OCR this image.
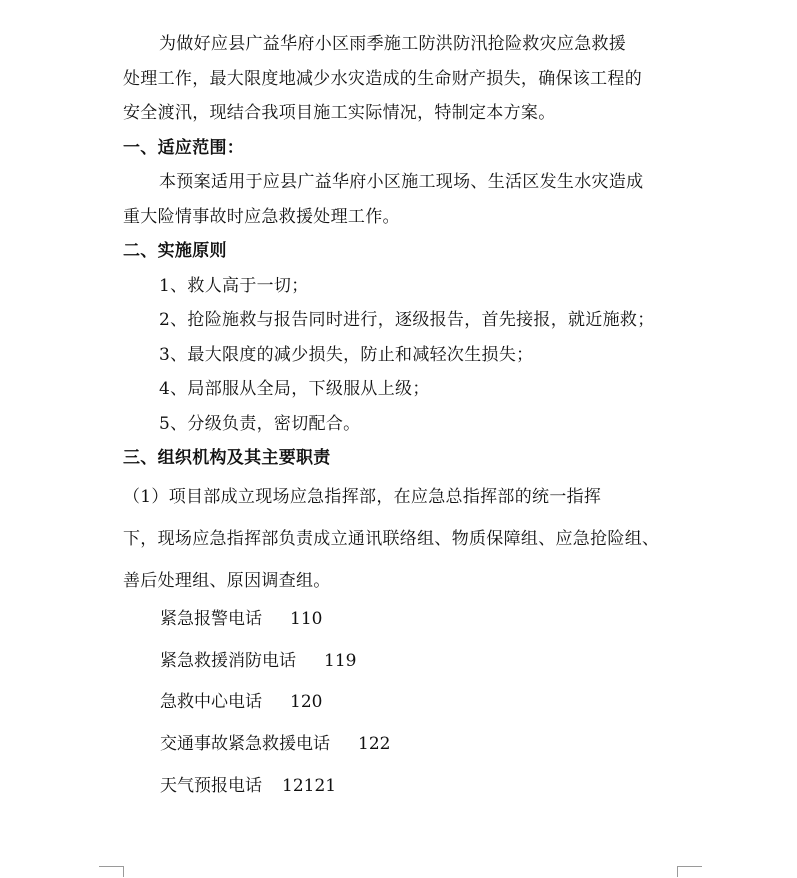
为做好应县广益华府小区雨季施工防洪防汛抢险救灾应急救援
处理工作，最大限度地减少水灾造成的生命财产损失，确保该工程的
安全渡汛，现结合我项目施工实际情况，特制定本方案。
一、适应范围：
本预案适用于应县广益华府小区施工现场、生活区发生水灾造成
重大险情事故时应急救援处理工作。
二、实施原则
1、救人高于一切；
2、抢险施救与报告同时进行，逐级报告，首先接报，就近施救；
3、最大限度的减少损失，防止和减轻次生损失；
4、局部服从全局，下级服从上级；
5、分级负责，密切配合。
三、组织机构及其主要职责
（1）项目部成立现场应急指挥部，在应急总指挥部的统一指挥
下，现场应急指挥部负责成立通讯联络组、物质保障组、应急抢险组、
善后处理组、原因调查组。
紧急报警电话 110
紧急救援消防电话 119
急救中心电话 120
交通事故紧急救援电话 122
天气预报电话 12121
